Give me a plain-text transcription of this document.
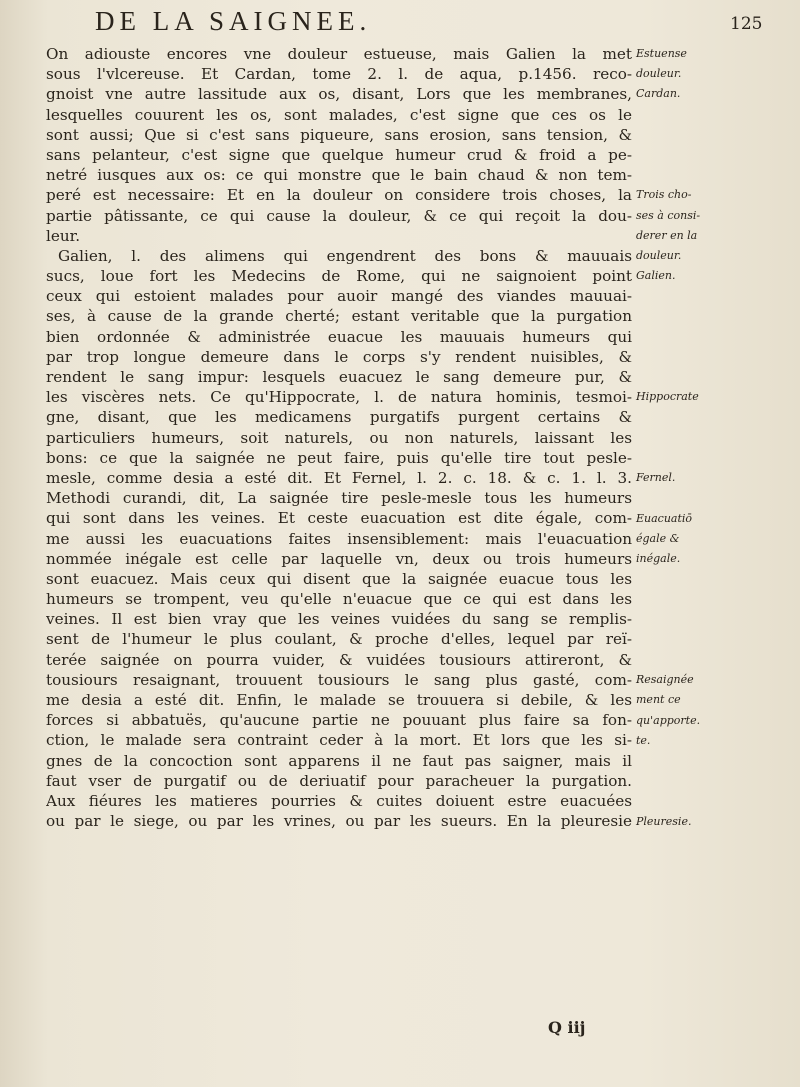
DE LA SAIGNEE.	125
On adiouste encores vne douleur estueuse, mais Galien la met
sous l'vlcereuse. Et Cardan, tome 2. l. de aqua, p.1456. reco-
gnoist vne autre lassitude aux os, disant, Lors que les membranes,
lesquelles couurent les os, sont malades, c'est signe que ces os le
sont aussi; Que si c'est sans piqueure, sans erosion, sans tension, &
sans pelanteur, c'est signe que quelque humeur crud & froid a pe-
netré iusques aux os: ce qui monstre que le bain chaud & non tem-
peré est necessaire: Et en la douleur on considere trois choses, la
partie pâtissante, ce qui cause la douleur, & ce qui reçoit la dou-
leur.
Galien, l. des alimens qui engendrent des bons & mauuais
sucs, loue fort les Medecins de Rome, qui ne saignoient point
ceux qui estoient malades pour auoir mangé des viandes mauuai-
ses, à cause de la grande cherté; estant veritable que la purgation
bien ordonnée & administrée euacue les mauuais humeurs qui
par trop longue demeure dans le corps s'y rendent nuisibles, &
rendent le sang impur: lesquels euacuez le sang demeure pur, &
les viscères nets. Ce qu'Hippocrate, l. de natura hominis, tesmoi-
gne, disant, que les medicamens purgatifs purgent certains &
particuliers humeurs, soit naturels, ou non naturels, laissant les
bons: ce que la saignée ne peut faire, puis qu'elle tire tout pesle-
mesle, comme desia a esté dit. Et Fernel, l. 2. c. 18. & c. 1. l. 3.
Methodi curandi, dit, La saignée tire pesle-mesle tous les humeurs
qui sont dans les veines. Et ceste euacuation est dite égale, com-
me aussi les euacuations faites insensiblement: mais l'euacuation
nommée inégale est celle par laquelle vn, deux ou trois humeurs
sont euacuez. Mais ceux qui disent que la saignée euacue tous les
humeurs se trompent, veu qu'elle n'euacue que ce qui est dans les
veines. Il est bien vray que les veines vuidées du sang se remplis-
sent de l'humeur le plus coulant, & proche d'elles, lequel par reï-
terée saignée on pourra vuider, & vuidées tousiours attireront, &
tousiours resaignant, trouuent tousiours le sang plus gasté, com-
me desia a esté dit. Enfin, le malade se trouuera si debile, & les
forces si abbatuës, qu'aucune partie ne pouuant plus faire sa fon-
ction, le malade sera contraint ceder à la mort. Et lors que les si-
gnes de la concoction sont apparens il ne faut pas saigner, mais il
faut vser de purgatif ou de deriuatif pour paracheuer la purgation.
Aux fiéures les matieres pourries & cuites doiuent estre euacuées
ou par le siege, ou par les vrines, ou par les sueurs. En la pleuresie
Estuense
douleur.
Cardan.
Trois cho-
ses à consi-
derer en la
douleur.
Galien.
Hippocrate
Fernel.
Euacuatiō
égale &
inégale.
Resaignée
ment ce
qu'apporte.
te.
Pleuresie.
Q iij
